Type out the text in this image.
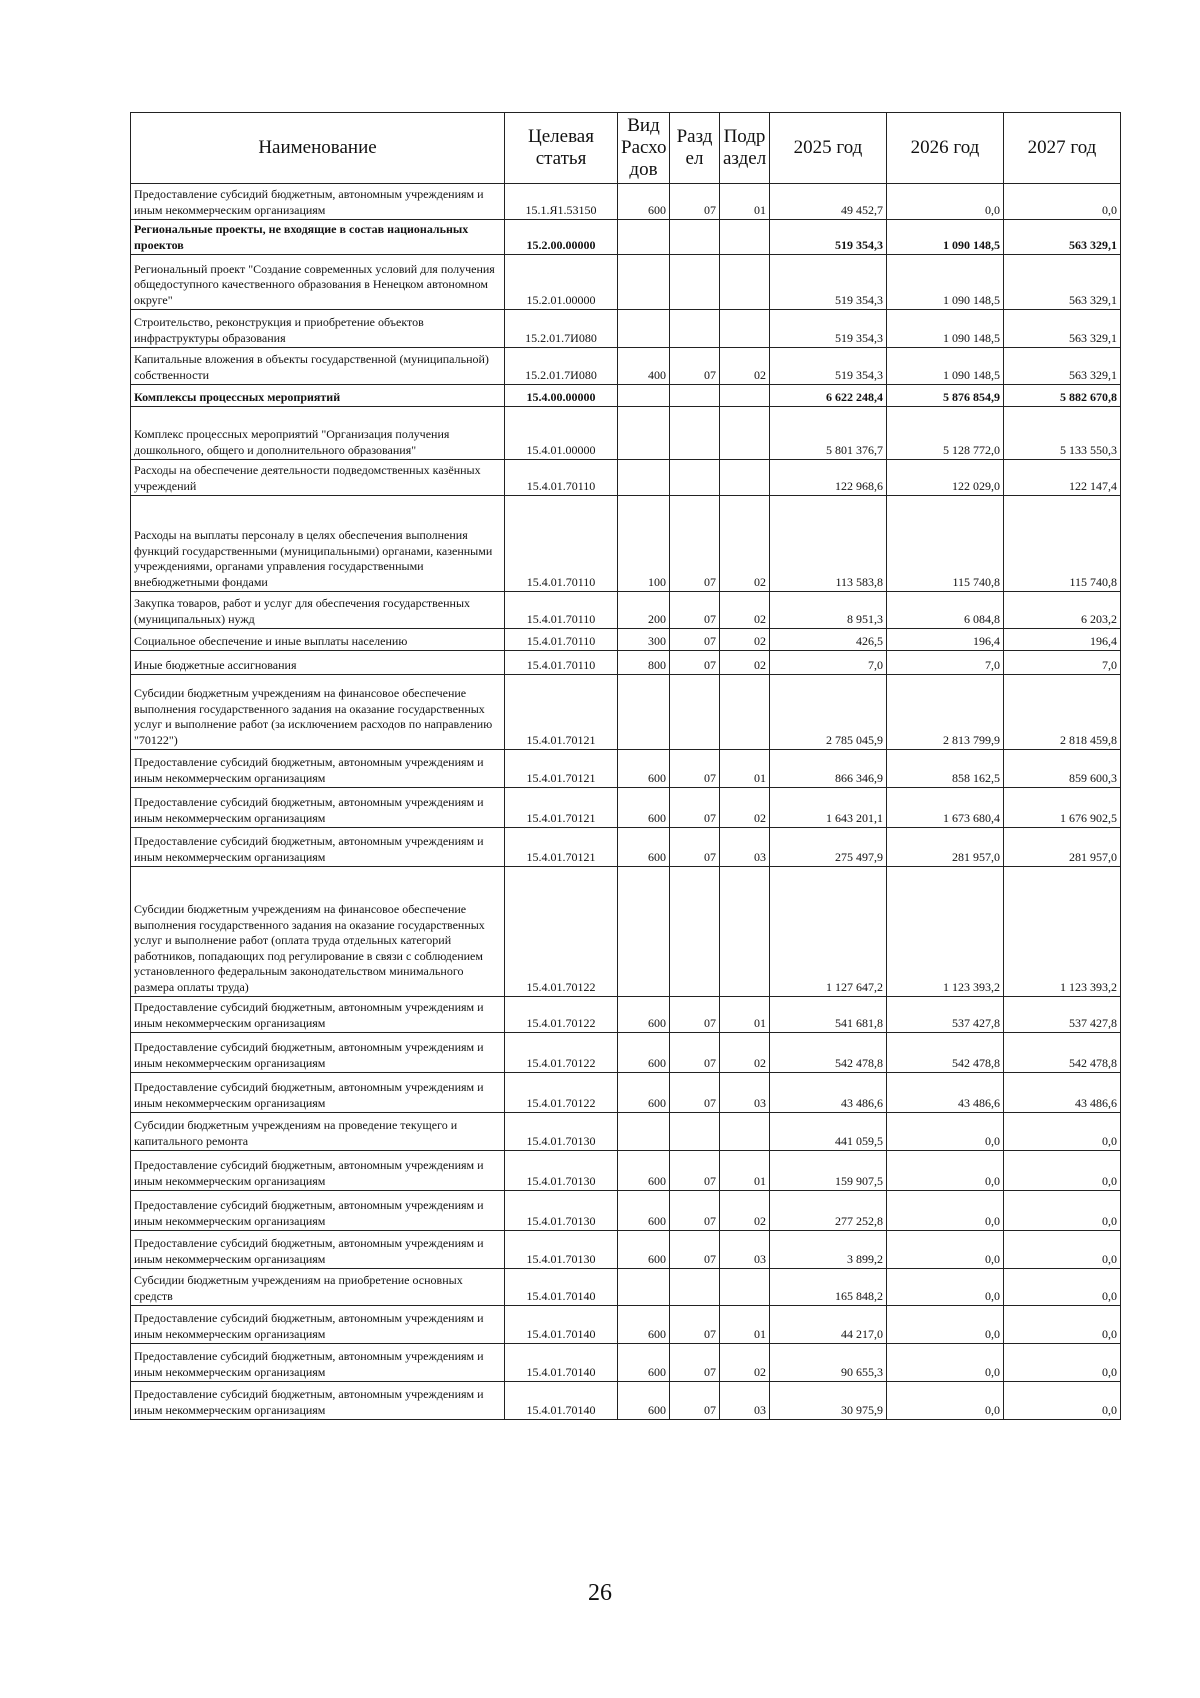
Наименование	Целевая статья	Вид Расхо дов	Разд ел	Подр аздел	2025 год	2026 год	2027 год
Предоставление субсидий бюджетным, автономным учреждениям и иным некоммерческим организациям	15.1.Я1.53150	600	07	01	49 452,7	0,0	0,0
Региональные проекты, не входящие в состав национальных проектов	15.2.00.00000				519 354,3	1 090 148,5	563 329,1
Региональный проект "Создание современных условий для получения общедоступного качественного образования в Ненецком автономном округе"	15.2.01.00000				519 354,3	1 090 148,5	563 329,1
Строительство, реконструкция и приобретение объектов инфраструктуры образования	15.2.01.7И080				519 354,3	1 090 148,5	563 329,1
Капитальные вложения в объекты государственной (муниципальной) собственности	15.2.01.7И080	400	07	02	519 354,3	1 090 148,5	563 329,1
Комплексы процессных мероприятий	15.4.00.00000				6 622 248,4	5 876 854,9	5 882 670,8
Комплекс процессных мероприятий "Организация получения дошкольного, общего и дополнительного образования"	15.4.01.00000				5 801 376,7	5 128 772,0	5 133 550,3
Расходы на обеспечение деятельности подведомственных казённых учреждений	15.4.01.70110				122 968,6	122 029,0	122 147,4
Расходы на выплаты персоналу в целях обеспечения выполнения функций государственными (муниципальными) органами, казенными учреждениями, органами управления государственными внебюджетными фондами	15.4.01.70110	100	07	02	113 583,8	115 740,8	115 740,8
Закупка товаров, работ и услуг для обеспечения государственных (муниципальных) нужд	15.4.01.70110	200	07	02	8 951,3	6 084,8	6 203,2
Социальное обеспечение и иные выплаты населению	15.4.01.70110	300	07	02	426,5	196,4	196,4
Иные бюджетные ассигнования	15.4.01.70110	800	07	02	7,0	7,0	7,0
Субсидии бюджетным учреждениям на финансовое обеспечение выполнения государственного задания на оказание государственных услуг и выполнение работ (за исключением расходов по направлению "70122")	15.4.01.70121				2 785 045,9	2 813 799,9	2 818 459,8
Предоставление субсидий бюджетным, автономным учреждениям и иным некоммерческим организациям	15.4.01.70121	600	07	01	866 346,9	858 162,5	859 600,3
Предоставление субсидий бюджетным, автономным учреждениям и иным некоммерческим организациям	15.4.01.70121	600	07	02	1 643 201,1	1 673 680,4	1 676 902,5
Предоставление субсидий бюджетным, автономным учреждениям и иным некоммерческим организациям	15.4.01.70121	600	07	03	275 497,9	281 957,0	281 957,0
Субсидии бюджетным учреждениям на финансовое обеспечение выполнения государственного задания на оказание государственных услуг и выполнение работ (оплата труда отдельных категорий работников, попадающих под регулирование в связи с соблюдением установленного федеральным законодательством минимального размера оплаты труда)	15.4.01.70122				1 127 647,2	1 123 393,2	1 123 393,2
Предоставление субсидий бюджетным, автономным учреждениям и иным некоммерческим организациям	15.4.01.70122	600	07	01	541 681,8	537 427,8	537 427,8
Предоставление субсидий бюджетным, автономным учреждениям и иным некоммерческим организациям	15.4.01.70122	600	07	02	542 478,8	542 478,8	542 478,8
Предоставление субсидий бюджетным, автономным учреждениям и иным некоммерческим организациям	15.4.01.70122	600	07	03	43 486,6	43 486,6	43 486,6
Субсидии бюджетным учреждениям на проведение текущего и капитального ремонта	15.4.01.70130				441 059,5	0,0	0,0
Предоставление субсидий бюджетным, автономным учреждениям и иным некоммерческим организациям	15.4.01.70130	600	07	01	159 907,5	0,0	0,0
Предоставление субсидий бюджетным, автономным учреждениям и иным некоммерческим организациям	15.4.01.70130	600	07	02	277 252,8	0,0	0,0
Предоставление субсидий бюджетным, автономным учреждениям и иным некоммерческим организациям	15.4.01.70130	600	07	03	3 899,2	0,0	0,0
Субсидии бюджетным учреждениям на приобретение основных средств	15.4.01.70140				165 848,2	0,0	0,0
Предоставление субсидий бюджетным, автономным учреждениям и иным некоммерческим организациям	15.4.01.70140	600	07	01	44 217,0	0,0	0,0
Предоставление субсидий бюджетным, автономным учреждениям и иным некоммерческим организациям	15.4.01.70140	600	07	02	90 655,3	0,0	0,0
Предоставление субсидий бюджетным, автономным учреждениям и иным некоммерческим организациям	15.4.01.70140	600	07	03	30 975,9	0,0	0,0
26
